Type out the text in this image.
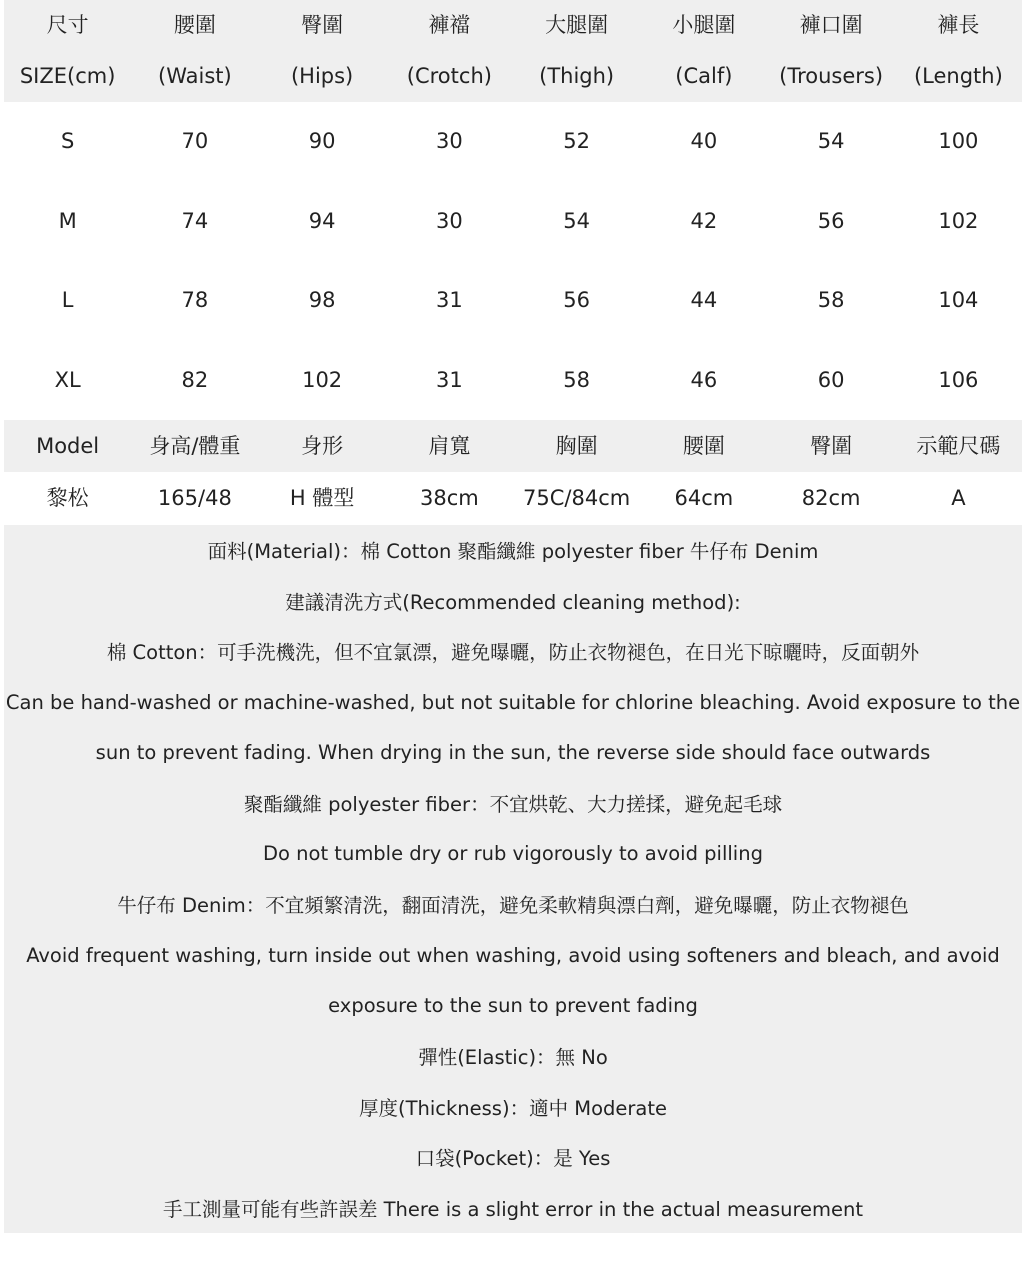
尺寸	腰圍	臀圍	褲襠	大腿圍	小腿圍	褲口圍	褲長
SIZE(cm)	(Waist)	(Hips)	(Crotch)	(Thigh)	(Calf)	(Trousers)	(Length)
S	70	90	30	52	40	54	100
M	74	94	30	54	42	56	102
L	78	98	31	56	44	58	104
XL	82	102	31	58	46	60	106
Model	身高/體重	身形	肩寬	胸圍	腰圍	臀圍	示範尺碼
黎松	165/48	H 體型	38cm	75C/84cm	64cm	82cm	A
面料(Material)：棉 Cotton 聚酯纖維 polyester fiber 牛仔布 Denim
建議清洗方式(Recommended cleaning method):
棉 Cotton：可手洗機洗，但不宜氯漂，避免曝曬，防止衣物褪色，在日光下晾曬時，反面朝外
Can be hand-washed or machine-washed, but not suitable for chlorine bleaching. Avoid exposure to the
sun to prevent fading. When drying in the sun, the reverse side should face outwards
聚酯纖維 polyester fiber：不宜烘乾、大力搓揉，避免起毛球
Do not tumble dry or rub vigorously to avoid pilling
牛仔布 Denim：不宜頻繁清洗，翻面清洗，避免柔軟精與漂白劑，避免曝曬，防止衣物褪色
Avoid frequent washing, turn inside out when washing, avoid using softeners and bleach, and avoid
exposure to the sun to prevent fading
彈性(Elastic)：無 No
厚度(Thickness)：適中 Moderate
口袋(Pocket)：是 Yes
手工測量可能有些許誤差 There is a slight error in the actual measurement
